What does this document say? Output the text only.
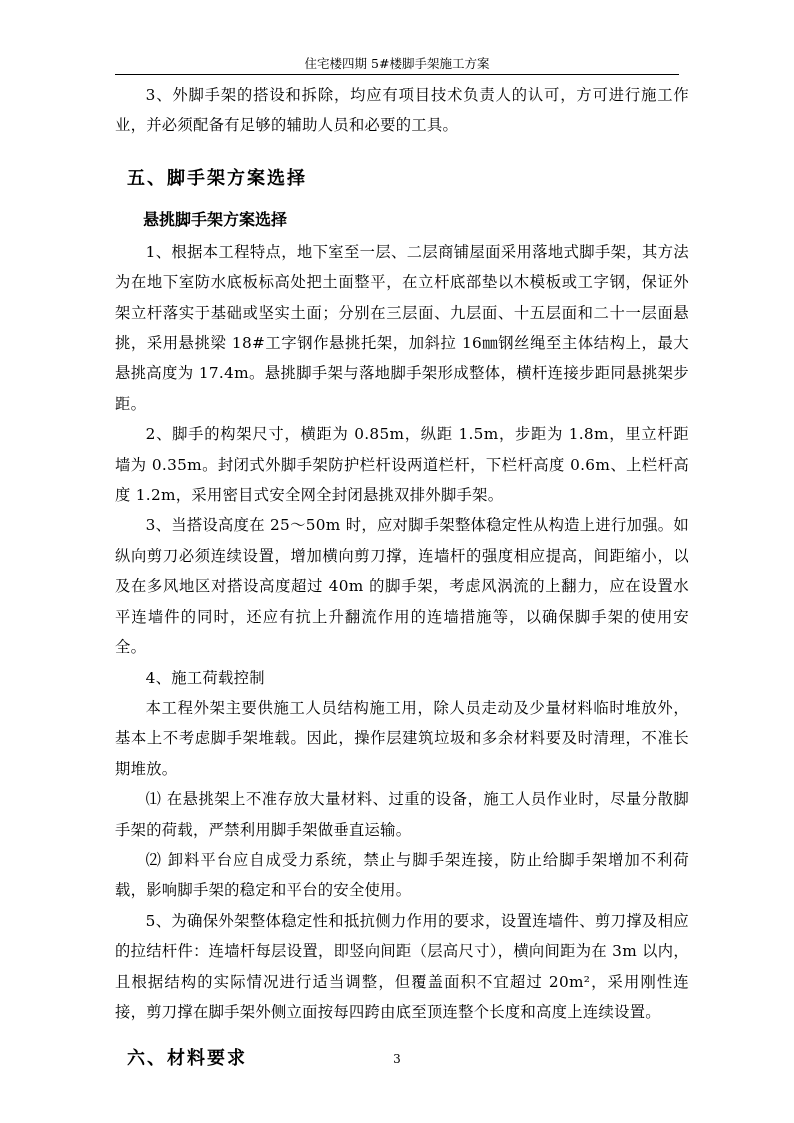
住宅楼四期 5#楼脚手架施工方案

3、外脚手架的搭设和拆除，均应有项目技术负责人的认可，方可进行施工作业，并必须配备有足够的辅助人员和必要的工具。

五、脚手架方案选择
悬挑脚手架方案选择

1、根据本工程特点，地下室至一层、二层商铺屋面采用落地式脚手架，其方法为在地下室防水底板标高处把土面整平，在立杆底部垫以木模板或工字钢，保证外架立杆落实于基础或坚实土面；分别在三层面、九层面、十五层面和二十一层面悬挑，采用悬挑梁 18#工字钢作悬挑托架，加斜拉 16㎜钢丝绳至主体结构上，最大悬挑高度为 17.4m。悬挑脚手架与落地脚手架形成整体，横杆连接步距同悬挑架步距。

2、脚手的构架尺寸，横距为 0.85m，纵距 1.5m，步距为 1.8m，里立杆距墙为 0.35m。封闭式外脚手架防护栏杆设两道栏杆，下栏杆高度 0.6m、上栏杆高度 1.2m，采用密目式安全网全封闭悬挑双排外脚手架。

3、当搭设高度在 25～50m 时，应对脚手架整体稳定性从构造上进行加强。如纵向剪刀必须连续设置，增加横向剪刀撑，连墙杆的强度相应提高，间距缩小，以及在多风地区对搭设高度超过 40m 的脚手架，考虑风涡流的上翻力，应在设置水平连墙件的同时，还应有抗上升翻流作用的连墙措施等，以确保脚手架的使用安全。

4、施工荷载控制

本工程外架主要供施工人员结构施工用，除人员走动及少量材料临时堆放外，基本上不考虑脚手架堆载。因此，操作层建筑垃圾和多余材料要及时清理，不准长期堆放。

⑴ 在悬挑架上不准存放大量材料、过重的设备，施工人员作业时，尽量分散脚手架的荷载，严禁利用脚手架做垂直运输。

⑵ 卸料平台应自成受力系统，禁止与脚手架连接，防止给脚手架增加不利荷载，影响脚手架的稳定和平台的安全使用。

5、为确保外架整体稳定性和抵抗侧力作用的要求，设置连墙件、剪刀撑及相应的拉结杆件：连墙杆每层设置，即竖向间距（层高尺寸），横向间距为在 3m 以内，且根据结构的实际情况进行适当调整，但覆盖面积不宜超过 20m²，采用刚性连接，剪刀撑在脚手架外侧立面按每四跨由底至顶连整个长度和高度上连续设置。

六、材料要求	3
